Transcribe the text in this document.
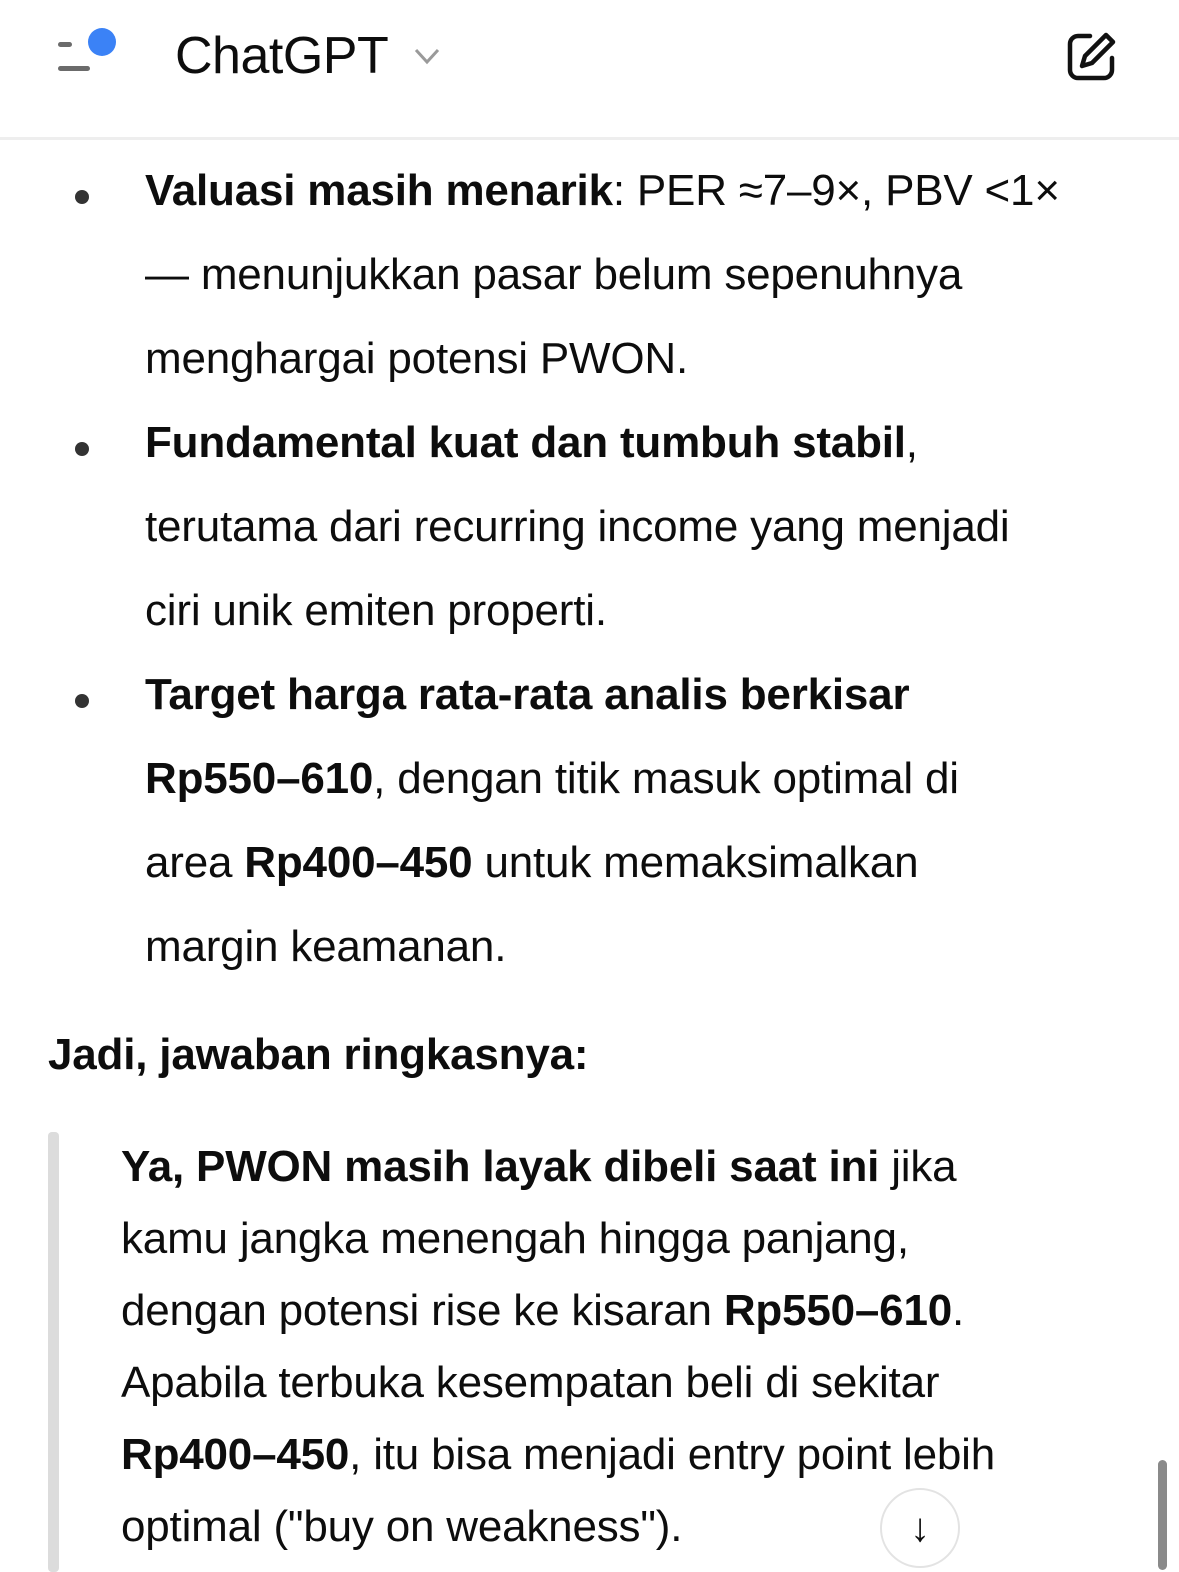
ChatGPT
Valuasi masih menarik: PER ≈7–9×, PBV <1×
— menunjukkan pasar belum sepenuhnya
menghargai potensi PWON.
Fundamental kuat dan tumbuh stabil,
terutama dari recurring income yang menjadi
ciri unik emiten properti.
Target harga rata-rata analis berkisar
Rp550–610, dengan titik masuk optimal di
area Rp400–450 untuk memaksimalkan
margin keamanan.
Jadi, jawaban ringkasnya:
Ya, PWON masih layak dibeli saat ini jika
kamu jangka menengah hingga panjang,
dengan potensi rise ke kisaran Rp550–610.
Apabila terbuka kesempatan beli di sekitar
Rp400–450, itu bisa menjadi entry point lebih
optimal ("buy on weakness").	↓
